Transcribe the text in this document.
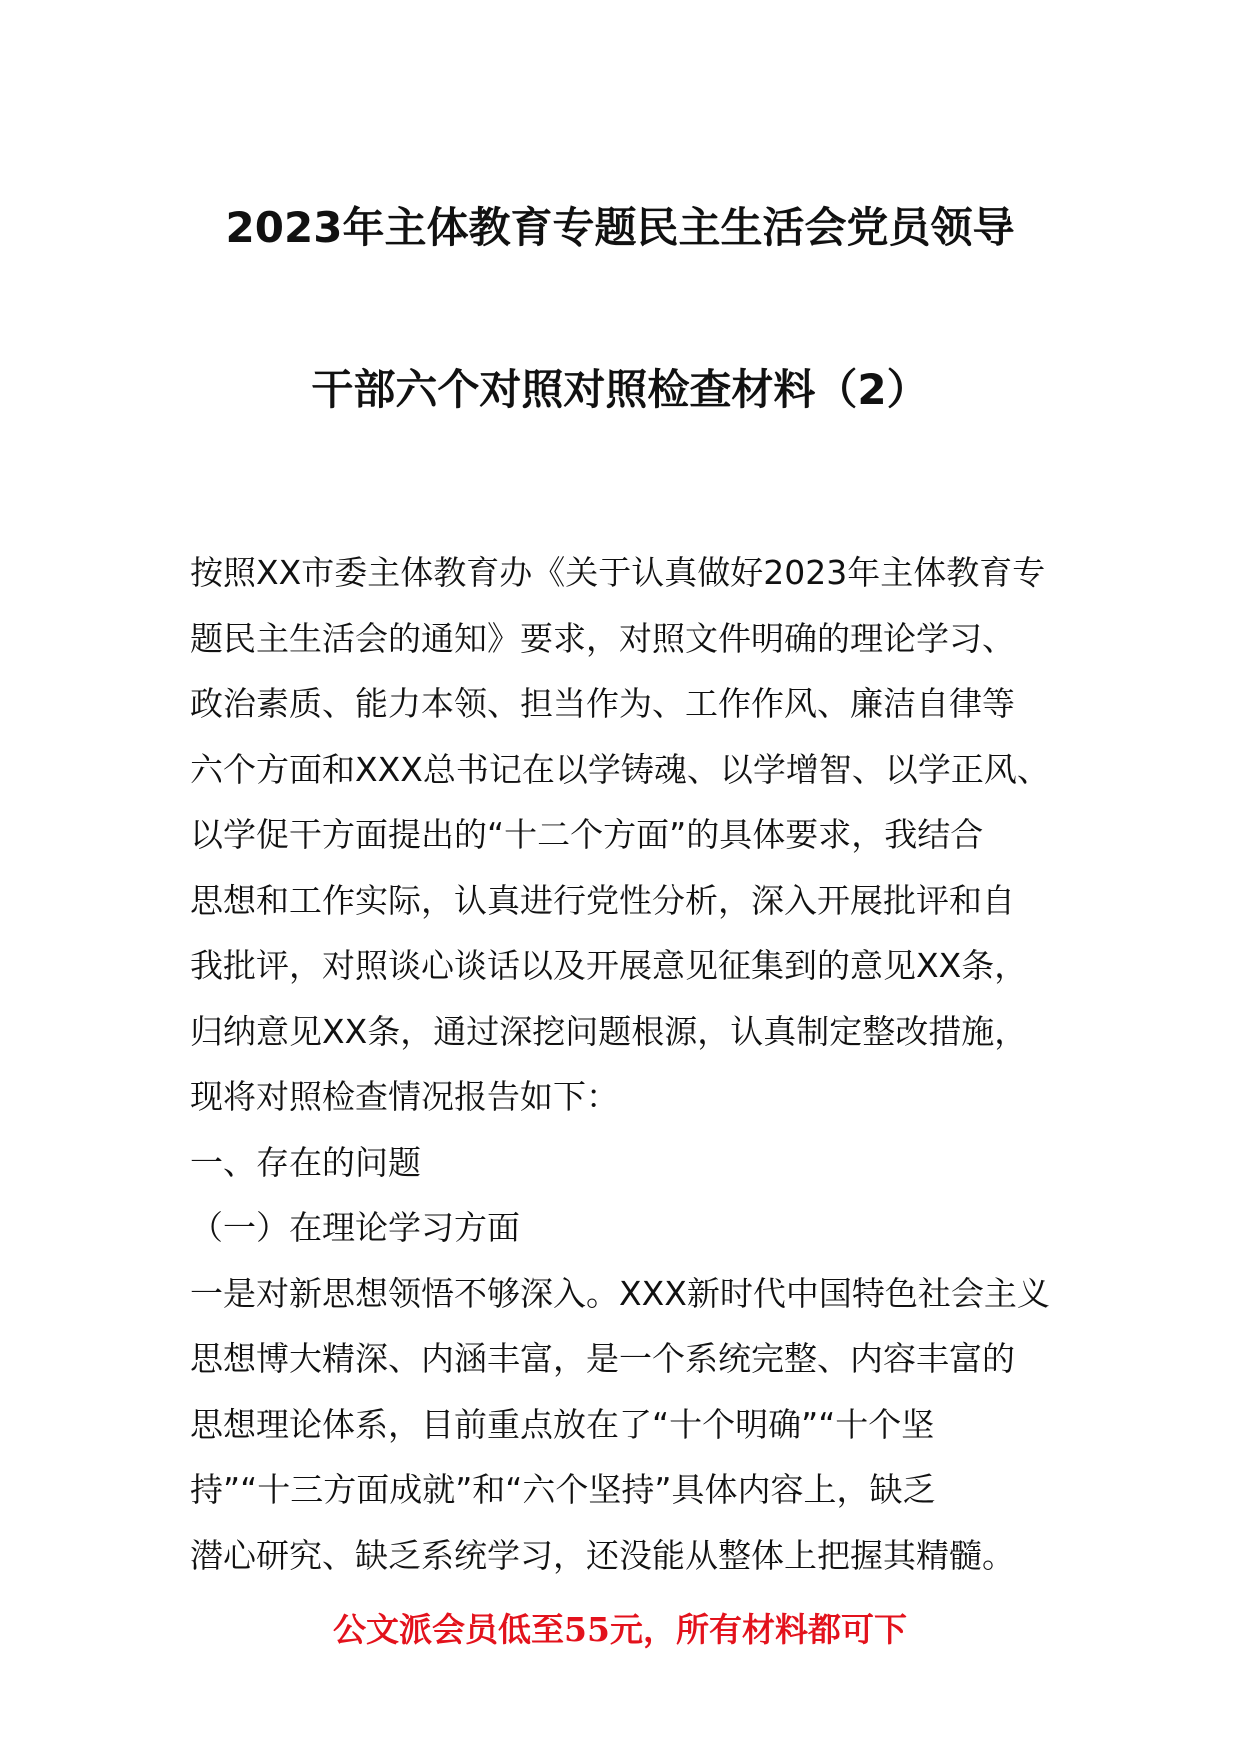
2023年主体教育专题民主生活会党员领导
干部六个对照对照检查材料（2）
按照XX市委主体教育办《关于认真做好2023年主体教育专
题民主生活会的通知》要求，对照文件明确的理论学习、
政治素质、能力本领、担当作为、工作作风、廉洁自律等
六个方面和XXX总书记在以学铸魂、以学增智、以学正风、
以学促干方面提出的“十二个方面”的具体要求，我结合
思想和工作实际，认真进行党性分析，深入开展批评和自
我批评，对照谈心谈话以及开展意见征集到的意见XX条，
归纳意见XX条，通过深挖问题根源，认真制定整改措施，
现将对照检查情况报告如下：
一、存在的问题
（一）在理论学习方面
一是对新思想领悟不够深入。XXX新时代中国特色社会主义
思想博大精深、内涵丰富，是一个系统完整、内容丰富的
思想理论体系，目前重点放在了“十个明确”“十个坚
持”“十三方面成就”和“六个坚持”具体内容上，缺乏
潜心研究、缺乏系统学习，还没能从整体上把握其精髓。

公文派会员低至55元，所有材料都可下
